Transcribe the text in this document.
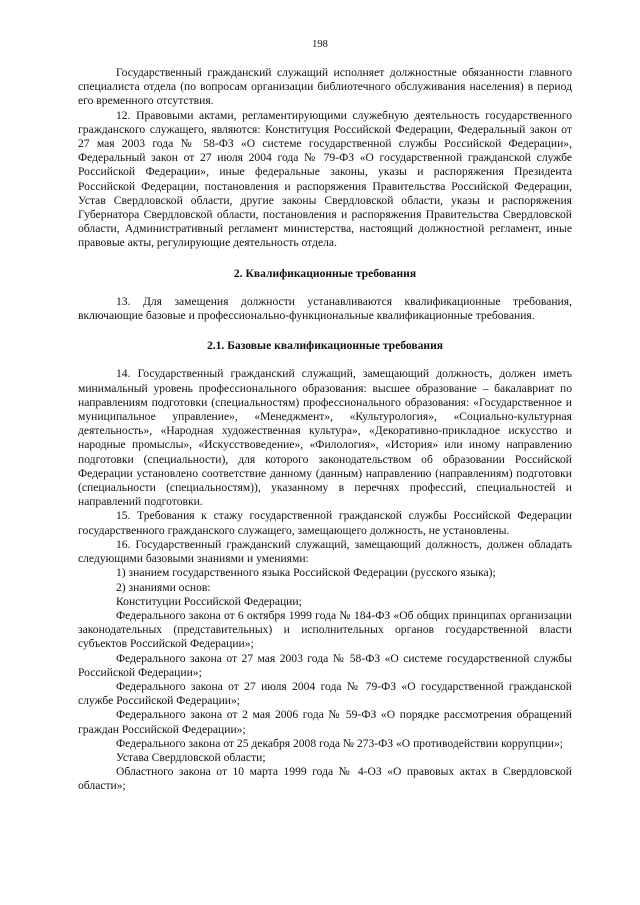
198

Государственный гражданский служащий исполняет должностные обязанности главного специалиста отдела (по вопросам организации библиотечного обслуживания населения) в период его временного отсутствия.

12. Правовыми актами, регламентирующими служебную деятельность государственного гражданского служащего, являются: Конституция Российской Федерации, Федеральный закон от 27 мая 2003 года № 58-ФЗ «О системе государственной службы Российской Федерации», Федеральный закон от 27 июля 2004 года № 79-ФЗ «О государственной гражданской службе Российской Федерации», иные федеральные законы, указы и распоряжения Президента Российской Федерации, постановления и распоряжения Правительства Российской Федерации, Устав Свердловской области, другие законы Свердловской области, указы и распоряжения Губернатора Свердловской области, постановления и распоряжения Правительства Свердловской области, Административный регламент министерства, настоящий должностной регламент, иные правовые акты, регулирующие деятельность отдела.

2. Квалификационные требования

13. Для замещения должности устанавливаются квалификационные требования, включающие базовые и профессионально-функциональные квалификационные требования.

2.1. Базовые квалификационные требования

14. Государственный гражданский служащий, замещающий должность, должен иметь минимальный уровень профессионального образования: высшее образование – бакалавриат по направлениям подготовки (специальностям) профессионального образования: «Государственное и муниципальное управление», «Менеджмент», «Культурология», «Социально-культурная деятельность», «Народная художественная культура», «Декоративно-прикладное искусство и народные промыслы», «Искусствоведение», «Филология», «История» или иному направлению подготовки (специальности), для которого законодательством об образовании Российской Федерации установлено соответствие данному (данным) направлению (направлениям) подготовки (специальности (специальностям)), указанному в перечнях профессий, специальностей и направлений подготовки.

15. Требования к стажу государственной гражданской службы Российской Федерации государственного гражданского служащего, замещающего должность, не установлены.

16. Государственный гражданский служащий, замещающий должность, должен обладать следующими базовыми знаниями и умениями:

1) знанием государственного языка Российской Федерации (русского языка);

2) знаниями основ:

Конституции Российской Федерации;

Федерального закона от 6 октября 1999 года № 184-ФЗ «Об общих принципах организации законодательных (представительных) и исполнительных органов государственной власти субъектов Российской Федерации»;

Федерального закона от 27 мая 2003 года № 58-ФЗ «О системе государственной службы Российской Федерации»;

Федерального закона от 27 июля 2004 года № 79-ФЗ «О государственной гражданской службе Российской Федерации»;

Федерального закона от 2 мая 2006 года № 59-ФЗ «О порядке рассмотрения обращений граждан Российской Федерации»;

Федерального закона от 25 декабря 2008 года № 273-ФЗ «О противодействии коррупции»;

Устава Свердловской области;

Областного закона от 10 марта 1999 года № 4-ОЗ «О правовых актах в Свердловской области»;
